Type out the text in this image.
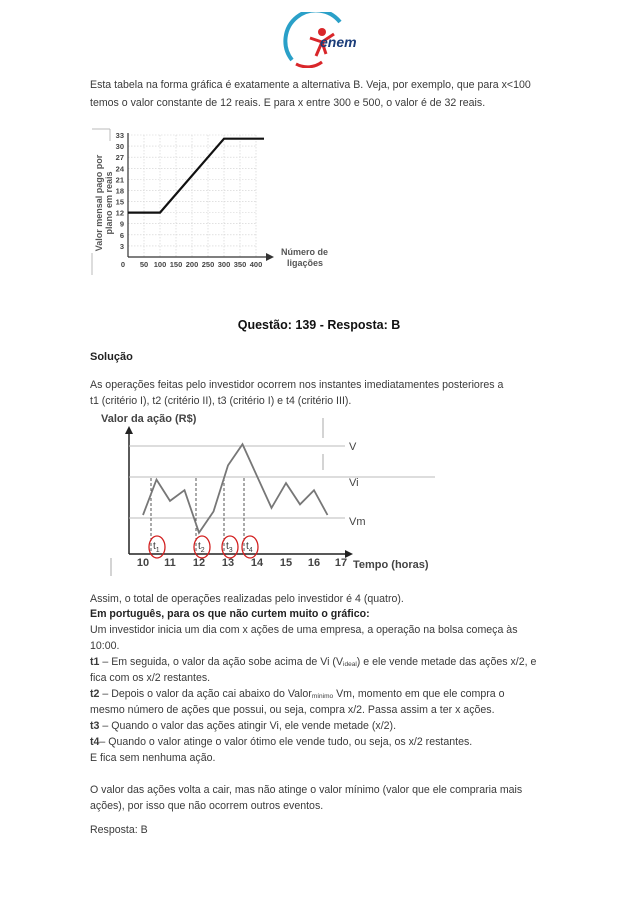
enem
Esta tabela na forma gráfica é exatamente a alternativa B. Veja, por exemplo, que para x<100
temos o valor constante de 12 reais. E para x entre 300 e 500, o valor é de 32 reais.
Valor mensal pago por plano em reais
3
6
9
12
15
18
21
24
27
30
33
0 50 100 150 200 250 300 350 400
Número de
ligações
Questão: 139 - Resposta: B
Solução
As operações feitas pelo investidor ocorrem nos instantes imediatamentes posteriores a
t1 (critério I), t2 (critério II), t3 (critério I) e t4 (critério III).
Valor da ação (R$)
Tempo (horas)
V
Vi
Vm
10 11 12 13 14 15 16 17
$t_1$	$t_2$ $t_3$ $t_4$
Assim, o total de operações realizadas pelo investidor é 4 (quatro).
Em português, para os que não curtem muito o gráfico:
Um investidor inicia um dia com x ações de uma empresa, a operação na bolsa começa às
10:00.
t1 – Em seguida, o valor da ação sobe acima de Vi $(V_{ideal})$ e ele vende metade das ações x/2, e
fica com os x/2 restantes.
t2 – Depois o valor da ação cai abaixo do Valor$_{mínimo}$ Vm, momento em que ele compra o
mesmo número de ações que possui, ou seja, compra x/2. Passa assim a ter x ações.
t3 – Quando o valor das ações atingir Vi, ele vende metade (x/2).
t4– Quando o valor atinge o valor ótimo ele vende tudo, ou seja, os x/2 restantes.
E fica sem nenhuma ação.
O valor das ações volta a cair, mas não atinge o valor mínimo (valor que ele compraria mais
ações), por isso que não ocorrem outros eventos.
Resposta: B
